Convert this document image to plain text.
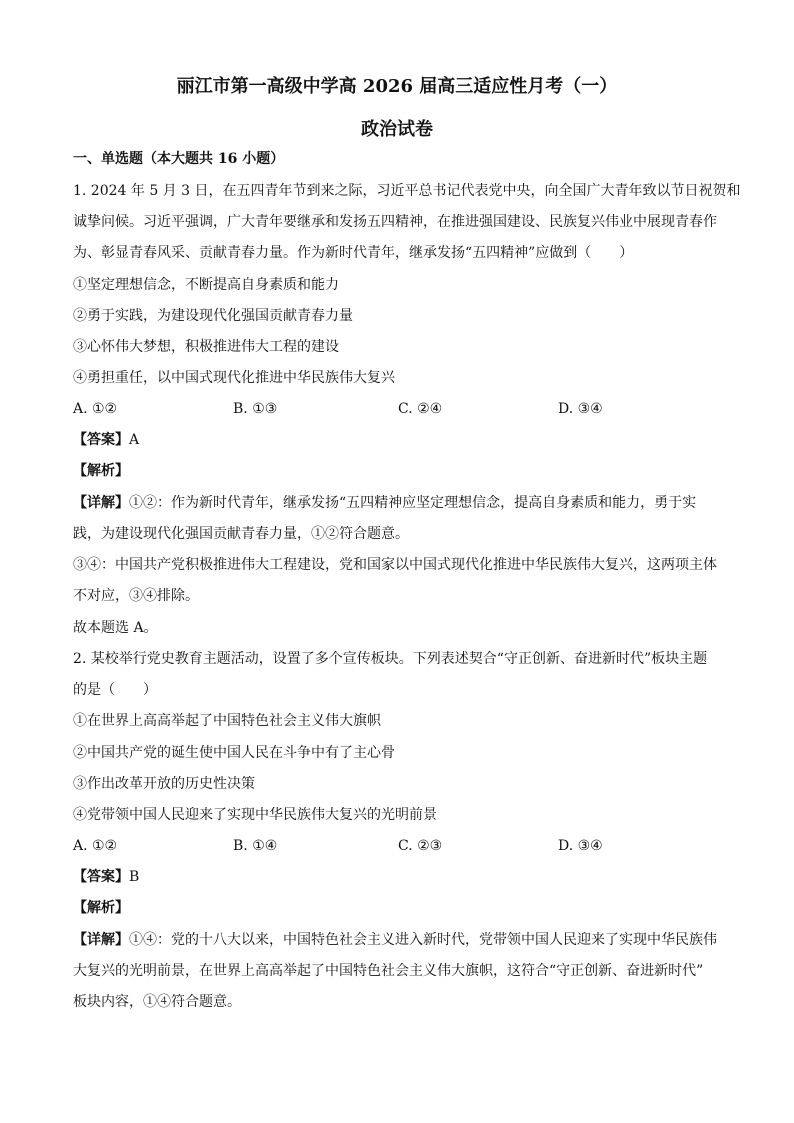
丽江市第一高级中学高 2026 届高三适应性月考（一）
政治试卷
一、单选题（本大题共 16 小题）
1. 2024 年 5 月 3 日，在五四青年节到来之际，习近平总书记代表党中央，向全国广大青年致以节日祝贺和
诚挚问候。习近平强调，广大青年要继承和发扬五四精神，在推进强国建设、民族复兴伟业中展现青春作
为、彰显青春风采、贡献青春力量。作为新时代青年，继承发扬“五四精神”应做到（　　）
①坚定理想信念，不断提高自身素质和能力
②勇于实践，为建设现代化强国贡献青春力量
③心怀伟大梦想，积极推进伟大工程的建设
④勇担重任，以中国式现代化推进中华民族伟大复兴
A. ①②	B. ①③	C. ②④	D. ③④
【答案】A
【解析】
【详解】①②：作为新时代青年，继承发扬“五四精神应坚定理想信念，提高自身素质和能力，勇于实
践，为建设现代化强国贡献青春力量，①②符合题意。
③④：中国共产党积极推进伟大工程建设，党和国家以中国式现代化推进中华民族伟大复兴，这两项主体
不对应，③④排除。
故本题选 A。
2. 某校举行党史教育主题活动，设置了多个宣传板块。下列表述契合“守正创新、奋进新时代”板块主题
的是（　　）
①在世界上高高举起了中国特色社会主义伟大旗帜
②中国共产党的诞生使中国人民在斗争中有了主心骨
③作出改革开放的历史性决策
④党带领中国人民迎来了实现中华民族伟大复兴的光明前景
A. ①②	B. ①④	C. ②③	D. ③④
【答案】B
【解析】
【详解】①④：党的十八大以来，中国特色社会主义进入新时代，党带领中国人民迎来了实现中华民族伟
大复兴的光明前景，在世界上高高举起了中国特色社会主义伟大旗帜，这符合“守正创新、奋进新时代”
板块内容，①④符合题意。
